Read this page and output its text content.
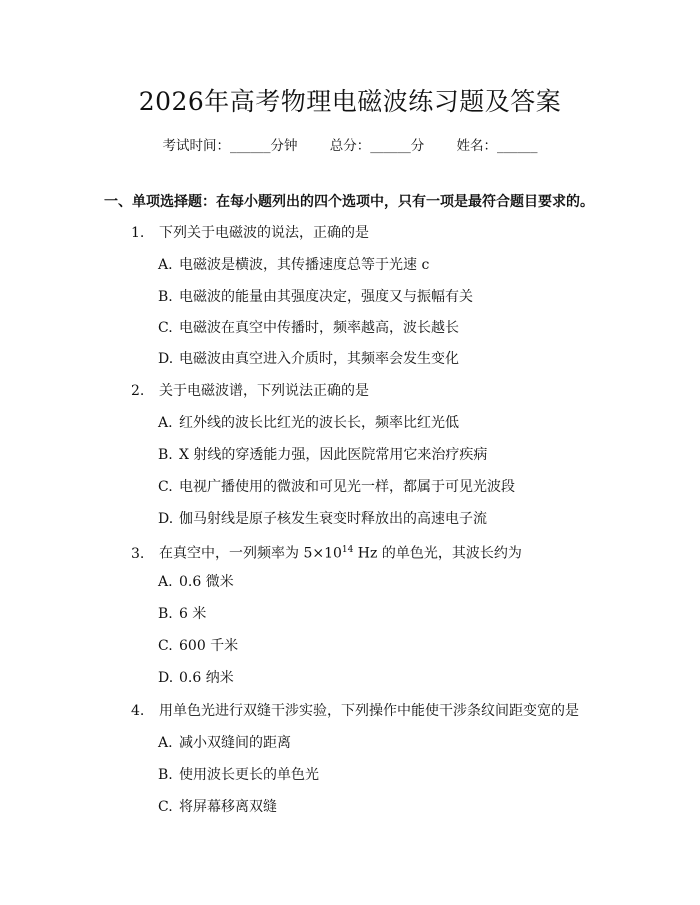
2026年高考物理电磁波练习题及答案
考试时间：______分钟 总分：______分 姓名：______
一、单项选择题：在每小题列出的四个选项中，只有一项是最符合题目要求的。
1. 下列关于电磁波的说法，正确的是
A. 电磁波是横波，其传播速度总等于光速 c
B. 电磁波的能量由其强度决定，强度又与振幅有关
C. 电磁波在真空中传播时，频率越高，波长越长
D. 电磁波由真空进入介质时，其频率会发生变化
2. 关于电磁波谱，下列说法正确的是
A. 红外线的波长比红光的波长长，频率比红光低
B. X 射线的穿透能力强，因此医院常用它来治疗疾病
C. 电视广播使用的微波和可见光一样，都属于可见光波段
D. 伽马射线是原子核发生衰变时释放出的高速电子流
3. 在真空中，一列频率为 $5\times 10^{14}$ Hz 的单色光，其波长约为
A. 0.6 微米
B. 6 米
C. 600 千米
D. 0.6 纳米
4. 用单色光进行双缝干涉实验，下列操作中能使干涉条纹间距变宽的是
A. 减小双缝间的距离
B. 使用波长更长的单色光
C. 将屏幕移离双缝
